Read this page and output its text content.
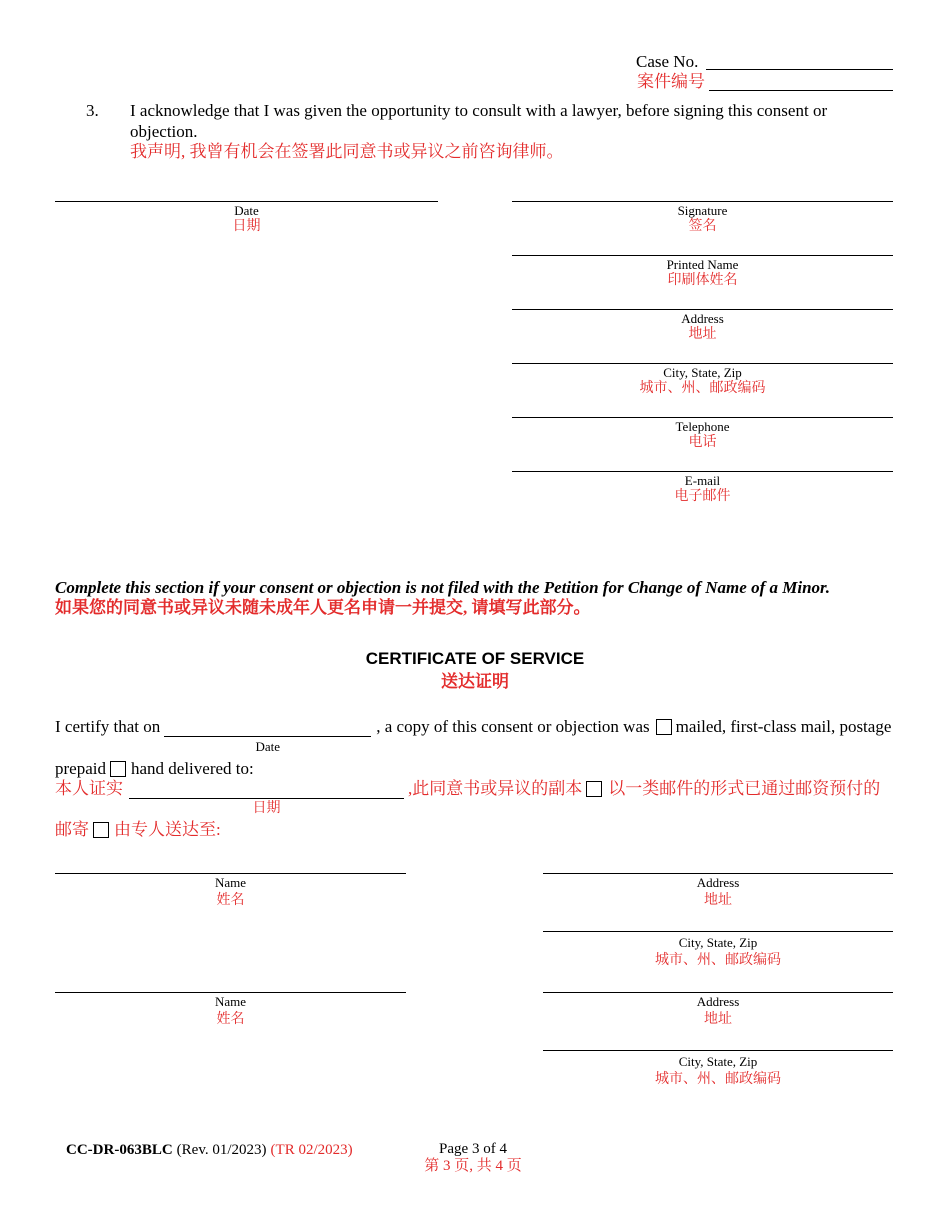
Case No.
案件编号
3. I acknowledge that I was given the opportunity to consult with a lawyer, before signing this consent or objection.
我声明, 我曾有机会在签署此同意书或异议之前咨询律师。
Date
日期
Signature
签名
Printed Name
印刷体姓名
Address
地址
City, State, Zip
城市、州、邮政编码
Telephone
电话
E-mail
电子邮件
Complete this section if your consent or objection is not filed with the Petition for Change of Name of a Minor.
如果您的同意书或异议未随未成年人更名申请一并提交, 请填写此部分。
CERTIFICATE OF SERVICE
送达证明
I certify that on
Date
, a copy of this consent or objection was mailed, first-class mail, postage
prepaid hand delivered to:
本人证实
日期
,此同意书或异议的副本 以一类邮件的形式已通过邮资预付的
邮寄 由专人送达至:
Name
姓名
Address
地址
City, State, Zip
城市、州、邮政编码
Name
姓名
Address
地址
City, State, Zip
城市、州、邮政编码
CC-DR-063BLC (Rev. 01/2023) (TR 02/2023)	Page 3 of 4
第 3 页, 共 4 页
